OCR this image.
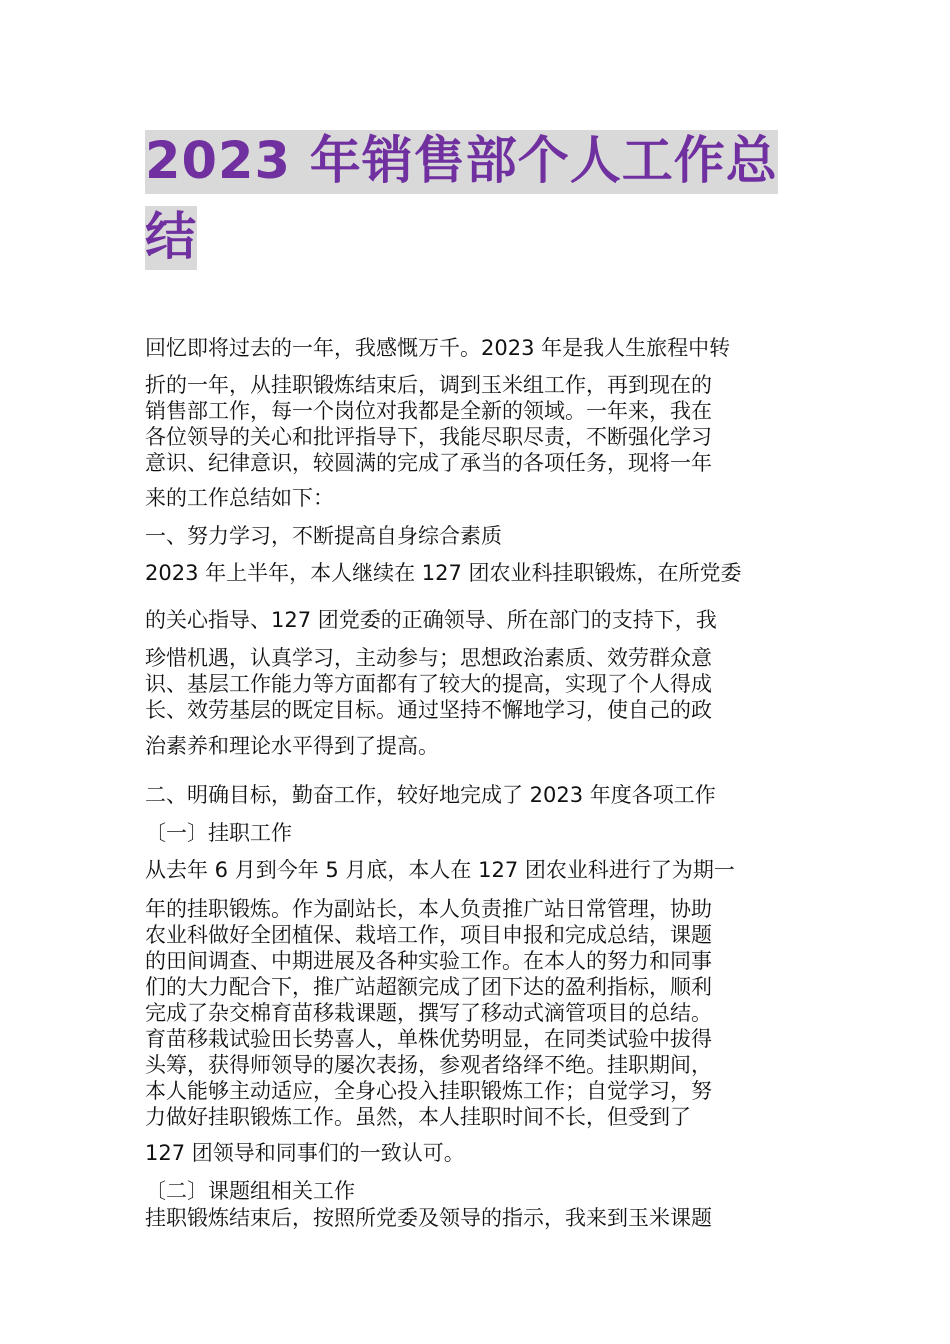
2023 年销售部个人工作总
结
回忆即将过去的一年，我感慨万千。2023 年是我人生旅程中转
折的一年，从挂职锻炼结束后，调到玉米组工作，再到现在的
销售部工作，每一个岗位对我都是全新的领域。一年来，我在
各位领导的关心和批评指导下，我能尽职尽责，不断强化学习
意识、纪律意识，较圆满的完成了承当的各项任务，现将一年
来的工作总结如下：
一、努力学习，不断提高自身综合素质
2023 年上半年，本人继续在 127 团农业科挂职锻炼，在所党委
的关心指导、127 团党委的正确领导、所在部门的支持下，我
珍惜机遇，认真学习，主动参与；思想政治素质、效劳群众意
识、基层工作能力等方面都有了较大的提高，实现了个人得成
长、效劳基层的既定目标。通过坚持不懈地学习，使自己的政
治素养和理论水平得到了提高。
二、明确目标，勤奋工作，较好地完成了 2023 年度各项工作
〔一〕挂职工作
从去年 6 月到今年 5 月底，本人在 127 团农业科进行了为期一
年的挂职锻炼。作为副站长，本人负责推广站日常管理，协助
农业科做好全团植保、栽培工作，项目申报和完成总结，课题
的田间调查、中期进展及各种实验工作。在本人的努力和同事
们的大力配合下，推广站超额完成了团下达的盈利指标，顺利
完成了杂交棉育苗移栽课题，撰写了移动式滴管项目的总结。
育苗移栽试验田长势喜人，单株优势明显，在同类试验中拔得
头筹，获得师领导的屡次表扬，参观者络绎不绝。挂职期间，
本人能够主动适应，全身心投入挂职锻炼工作；自觉学习，努
力做好挂职锻炼工作。虽然，本人挂职时间不长，但受到了
127 团领导和同事们的一致认可。
〔二〕课题组相关工作
挂职锻炼结束后，按照所党委及领导的指示，我来到玉米课题
